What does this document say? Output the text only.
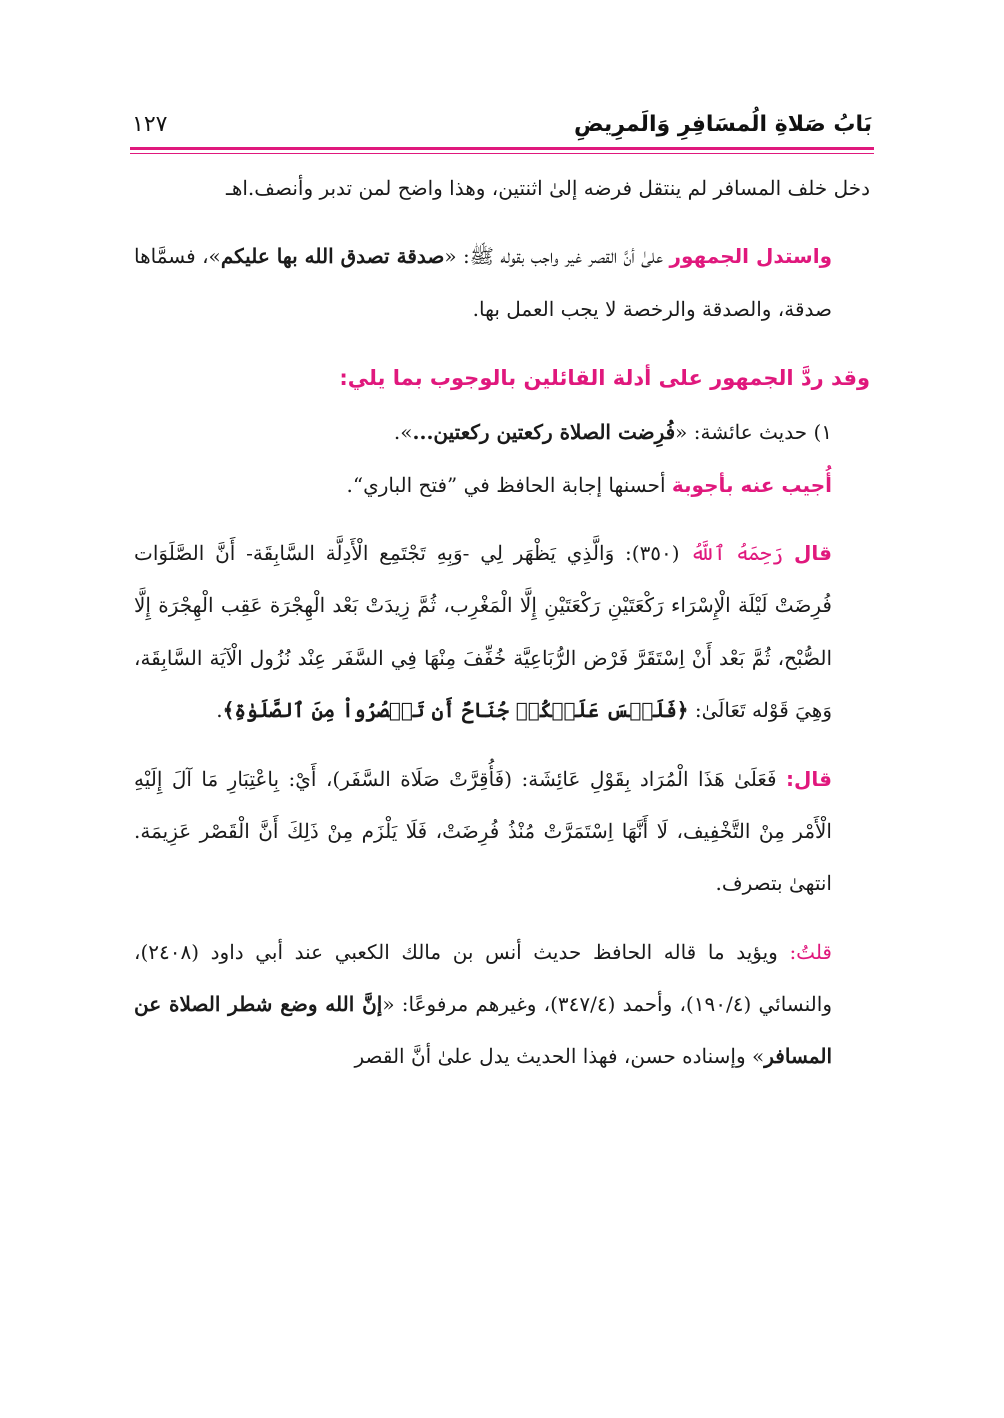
بَابُ صَلاةِ الُمسَافِرِ وَالَمرِيضِ
١٢٧

دخل خلف المسافر لم ينتقل فرضه إلىٰ اثنتين، وهذا واضح لمن تدبر وأنصف.اهـ

واستدل الجمهور علىٰ أنَّ القصر غير واجب بقوله ﷺ: «صدقة تصدق الله بها عليكم»، فسمَّاها صدقة، والصدقة والرخصة لا يجب العمل بها.

وقد ردَّ الجمهور على أدلة القائلين بالوجوب بما يلي:

١) حديث عائشة: «فُرِضت الصلاة ركعتين ركعتين...».

أُجيب عنه بأجوبة أحسنها إجابة الحافظ في ”فتح الباري“.

قال رَحِمَهُ ٱللَّهُ (٣٥٠): وَالَّذِي يَظْهَر لِي -وَبِهِ تَجْتَمِع الْأَدِلَّة السَّابِقَة- أَنَّ الصَّلَوَات فُرِضَتْ لَيْلَة الْإِسْرَاء رَكْعَتَيْنِ رَكْعَتَيْنِ إِلَّا الْمَغْرِب، ثُمَّ زِيدَتْ بَعْد الْهِجْرَة عَقِب الْهِجْرَة إِلَّا الصُّبْح، ثُمَّ بَعْد أَنْ اِسْتَقَرَّ فَرْض الرُّبَاعِيَّة خُفِّفَ مِنْهَا فِي السَّفَر عِنْد نُزُول الْآيَة السَّابِقَة، وَهِيَ قَوْله تَعَالَىٰ: ﴿فَلَيۡسَ عَلَيۡكُمۡ جُنَاحٌ أَن تَقۡصُرُواْ مِنَ ٱلصَّلَوٰةِ﴾.

قال: فَعَلَىٰ هَذَا الْمُرَاد بِقَوْلِ عَائِشَة: (فَأُقِرَّتْ صَلَاة السَّفَر)، أَيْ: بِاعْتِبَارِ مَا آلَ إِلَيْهِ الْأَمْر مِنْ التَّخْفِيف، لَا أَنَّهَا اِسْتَمَرَّتْ مُنْذُ فُرِضَتْ، فَلَا يَلْزَم مِنْ ذَلِكَ أَنَّ الْقَصْر عَزِيمَة. انتهىٰ بتصرف.

قلتُ: ويؤيد ما قاله الحافظ حديث أنس بن مالك الكعبي عند أبي داود (٢٤٠٨)، والنسائي (١٩٠/٤)، وأحمد (٣٤٧/٤)، وغيرهم مرفوعًا: «إنَّ الله وضع شطر الصلاة عن المسافر» وإسناده حسن، فهذا الحديث يدل علىٰ أنَّ القصر
